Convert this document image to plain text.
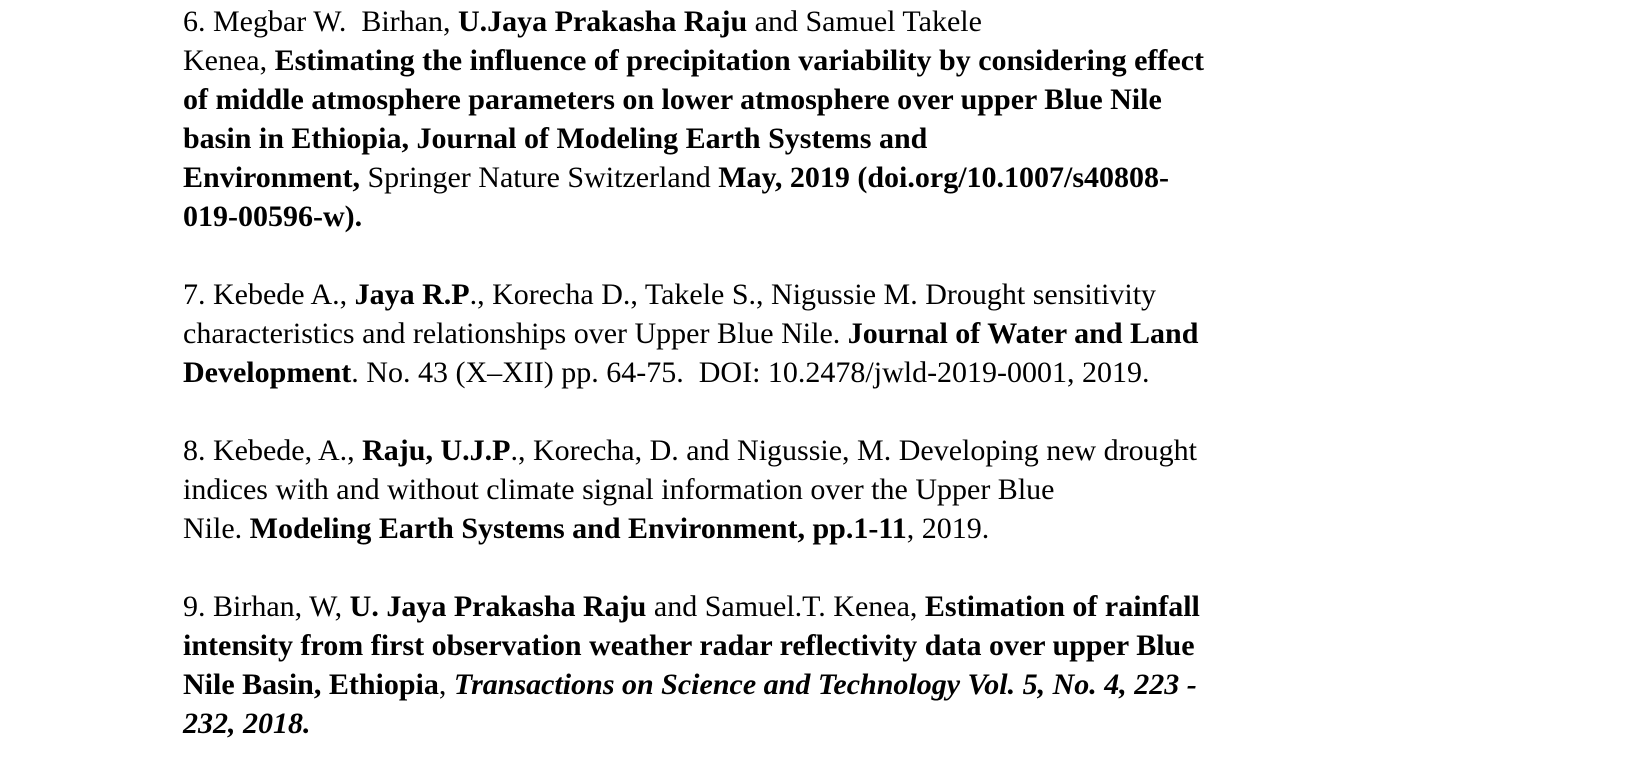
6. Megbar W.  Birhan, U.Jaya Prakasha Raju and Samuel Takele
Kenea, Estimating the influence of precipitation variability by considering effect
of middle atmosphere parameters on lower atmosphere over upper Blue Nile
basin in Ethiopia, Journal of Modeling Earth Systems and
Environment, Springer Nature Switzerland May, 2019 (doi.org/10.1007/s40808-
019-00596-w).

7. Kebede A., Jaya R.P., Korecha D., Takele S., Nigussie M. Drought sensitivity
characteristics and relationships over Upper Blue Nile. Journal of Water and Land
Development. No. 43 (X–XII) pp. 64-75.  DOI: 10.2478/jwld-2019-0001, 2019.

8. Kebede, A., Raju, U.J.P., Korecha, D. and Nigussie, M. Developing new drought
indices with and without climate signal information over the Upper Blue
Nile. Modeling Earth Systems and Environment, pp.1-11, 2019.

9. Birhan, W, U. Jaya Prakasha Raju and Samuel.T. Kenea, Estimation of rainfall
intensity from first observation weather radar reflectivity data over upper Blue
Nile Basin, Ethiopia, Transactions on Science and Technology Vol. 5, No. 4, 223 -
232, 2018.
